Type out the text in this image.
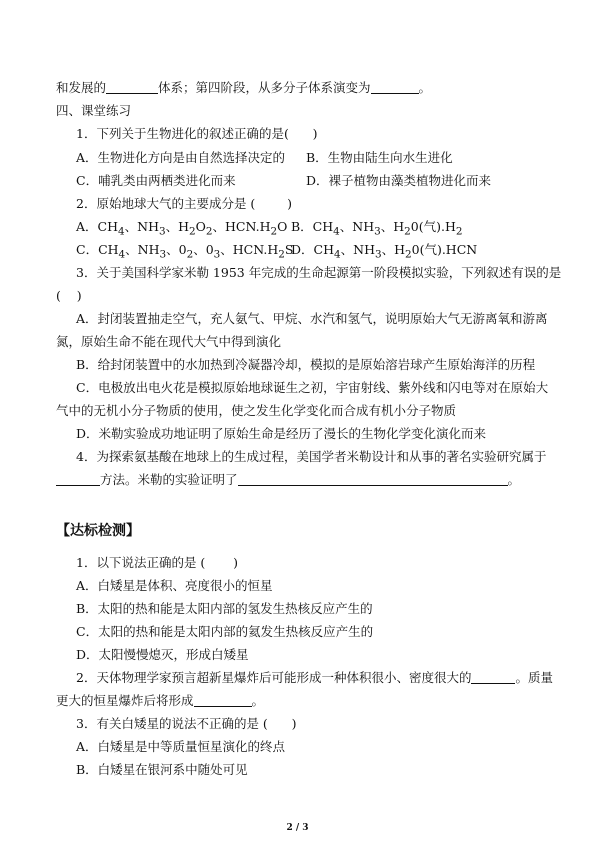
和发展的	体系；第四阶段，从多分子体系演变为	。
四、课堂练习
1．下列关于生物进化的叙述正确的是(      )
A．生物进化方向是由自然选择决定的 B．生物由陆生向水生进化
C．哺乳类由两栖类进化而来	D．裸子植物由藻类植物进化而来
2．原始地球大气的主要成分是 (        )
A．$CH_4$、$NH_3$、$H_2O_2$、$HCN.H_2O$ B．$CH_4$、$NH_3$、$H_20$(气)$.H_2$
C．$CH_4$、$NH_3$、$0_2$、$0_3$、$HCN.H_2SD$．$CH_4$、$NH_3$、$H_20$(气).HCN
3．关于美国科学家米勒 1953 年完成的生命起源第一阶段模拟实验，下列叙述有误的是
(    )
A．封闭装置抽走空气，充人氨气、甲烷、水汽和氢气，说明原始大气无游离氧和游离
氮，原始生命不能在现代大气中得到演化
B．给封闭装置中的水加热到冷凝器冷却，模拟的是原始溶岩球产生原始海洋的历程
C．电极放出电火花是模拟原始地球诞生之初，宇宙射线、紫外线和闪电等对在原始大
气中的无机小分子物质的使用，使之发生化学变化而合成有机小分子物质
D．米勒实验成功地证明了原始生命是经历了漫长的生物化学变化演化而来
4．为探索氨基酸在地球上的生成过程，美国学者米勒设计和从事的著名实验研究属于
方法。米勒的实验证明了	。
【达标检测】
1．以下说法正确的是 (       )
A．白矮星是体积、亮度很小的恒星
B．太阳的热和能是太阳内部的氢发生热核反应产生的
C．太阳的热和能是太阳内部的氦发生热核反应产生的
D．太阳慢慢熄灭，形成白矮星
2．天体物理学家预言超新星爆炸后可能形成一种体积很小、密度很大的	。质量
更大的恒星爆炸后将形成	。
3．有关白矮星的说法不正确的是 (      )
A．白矮星是中等质量恒星演化的终点
B．白矮星在银河系中随处可见
2 / 3
